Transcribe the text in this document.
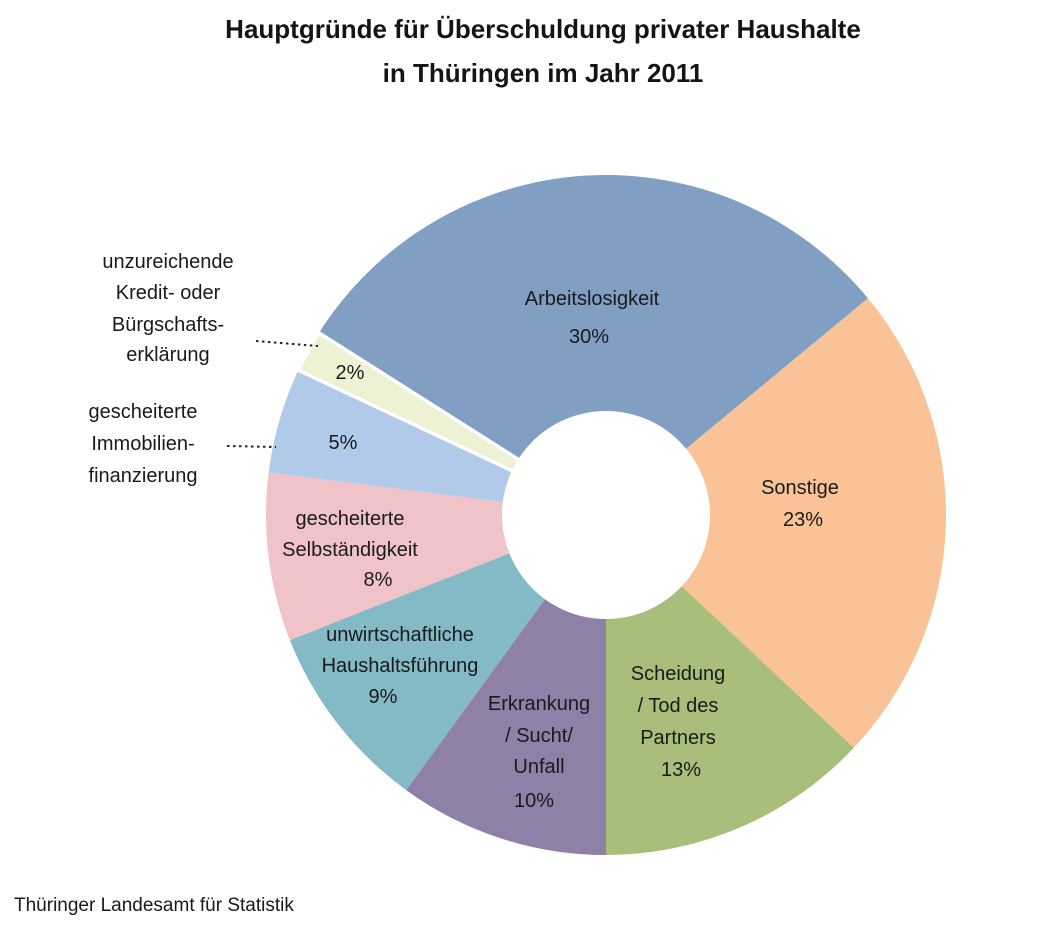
Hauptgründe für Überschuldung privater Haushalte
in Thüringen im Jahr 2011
Arbeitslosigkeit
30%
Sonstige
23%
Scheidung
/ Tod des
Partners
13%
Erkrankung
/ Sucht/
Unfall
10%
unwirtschaftliche
Haushaltsführung
9%
gescheiterte
Selbständigkeit
8%
gescheiterte
Immobilien-
finanzierung
5%
unzureichende
Kredit- oder
Bürgschafts-
erklärung
2%
Thüringer Landesamt für Statistik
